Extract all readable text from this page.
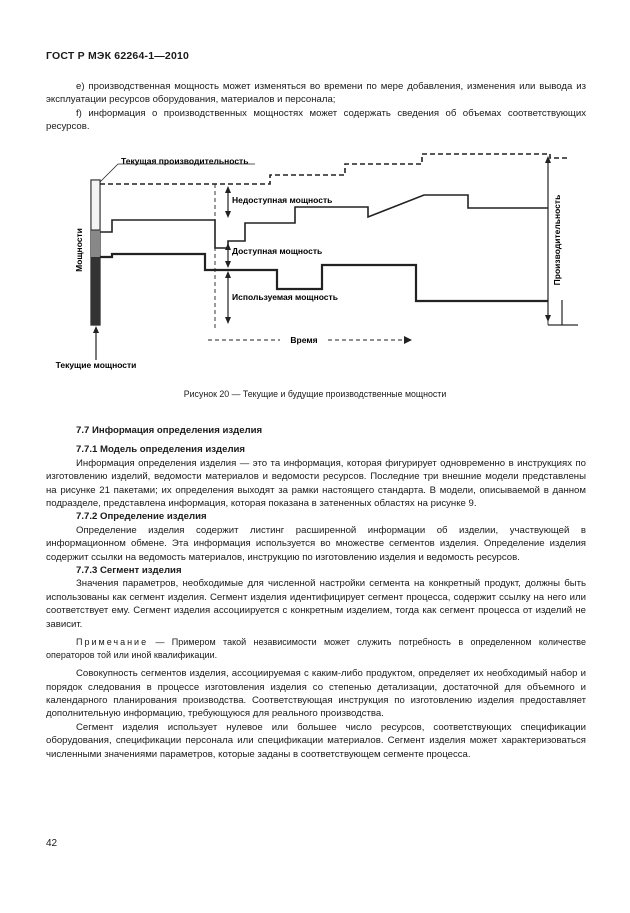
ГОСТ Р МЭК 62264-1—2010

е) производственная мощность может изменяться во времени по мере добавления, изменения или вывода из эксплуатации ресурсов оборудования, материалов и персонала;

f) информация о производственных мощностях может содержать сведения об объемах соответствующих ресурсов.

Мощности
Текущая производительность
Недоступная мощность
Доступная мощность
Используемая мощность
Производительность
Время
Текущие мощности
Рисунок 20 — Текущие и будущие производственные мощности

7.7 Информация определения изделия

7.7.1 Модель определения изделия

Информация определения изделия — это та информация, которая фигурирует одновременно в инструкциях по изготовлению изделий, ведомости материалов и ведомости ресурсов. Последние три внешние модели представлены на рисунке 21 пакетами; их определения выходят за рамки настоящего стандарта. В модели, описываемой в данном подразделе, представлена информация, которая показана в затененных областях на рисунке 9.

7.7.2 Определение изделия

Определение изделия содержит листинг расширенной информации об изделии, участвующей в информационном обмене. Эта информация используется во множестве сегментов изделия. Определение изделия содержит ссылки на ведомость материалов, инструкцию по изготовлению изделия и ведомость ресурсов.

7.7.3 Сегмент изделия

Значения параметров, необходимые для численной настройки сегмента на конкретный продукт, должны быть использованы как сегмент изделия. Сегмент изделия идентифицирует сегмент процесса, содержит ссылку на него или соответствует ему. Сегмент изделия ассоциируется с конкретным изделием, тогда как сегмент процесса от изделий не зависит.

Примечание — Примером такой независимости может служить потребность в определенном количестве операторов той или иной квалификации.

Совокупность сегментов изделия, ассоциируемая с каким-либо продуктом, определяет их необходимый набор и порядок следования в процессе изготовления изделия со степенью детализации, достаточной для объемного и календарного планирования производства. Соответствующая инструкция по изготовлению изделия предоставляет дополнительную информацию, требующуюся для реального производства.

Сегмент изделия использует нулевое или большее число ресурсов, соответствующих спецификации оборудования, спецификации персонала или спецификации материалов. Сегмент изделия может характеризоваться численными значениями параметров, которые заданы в соответствующем сегменте процесса.

42
